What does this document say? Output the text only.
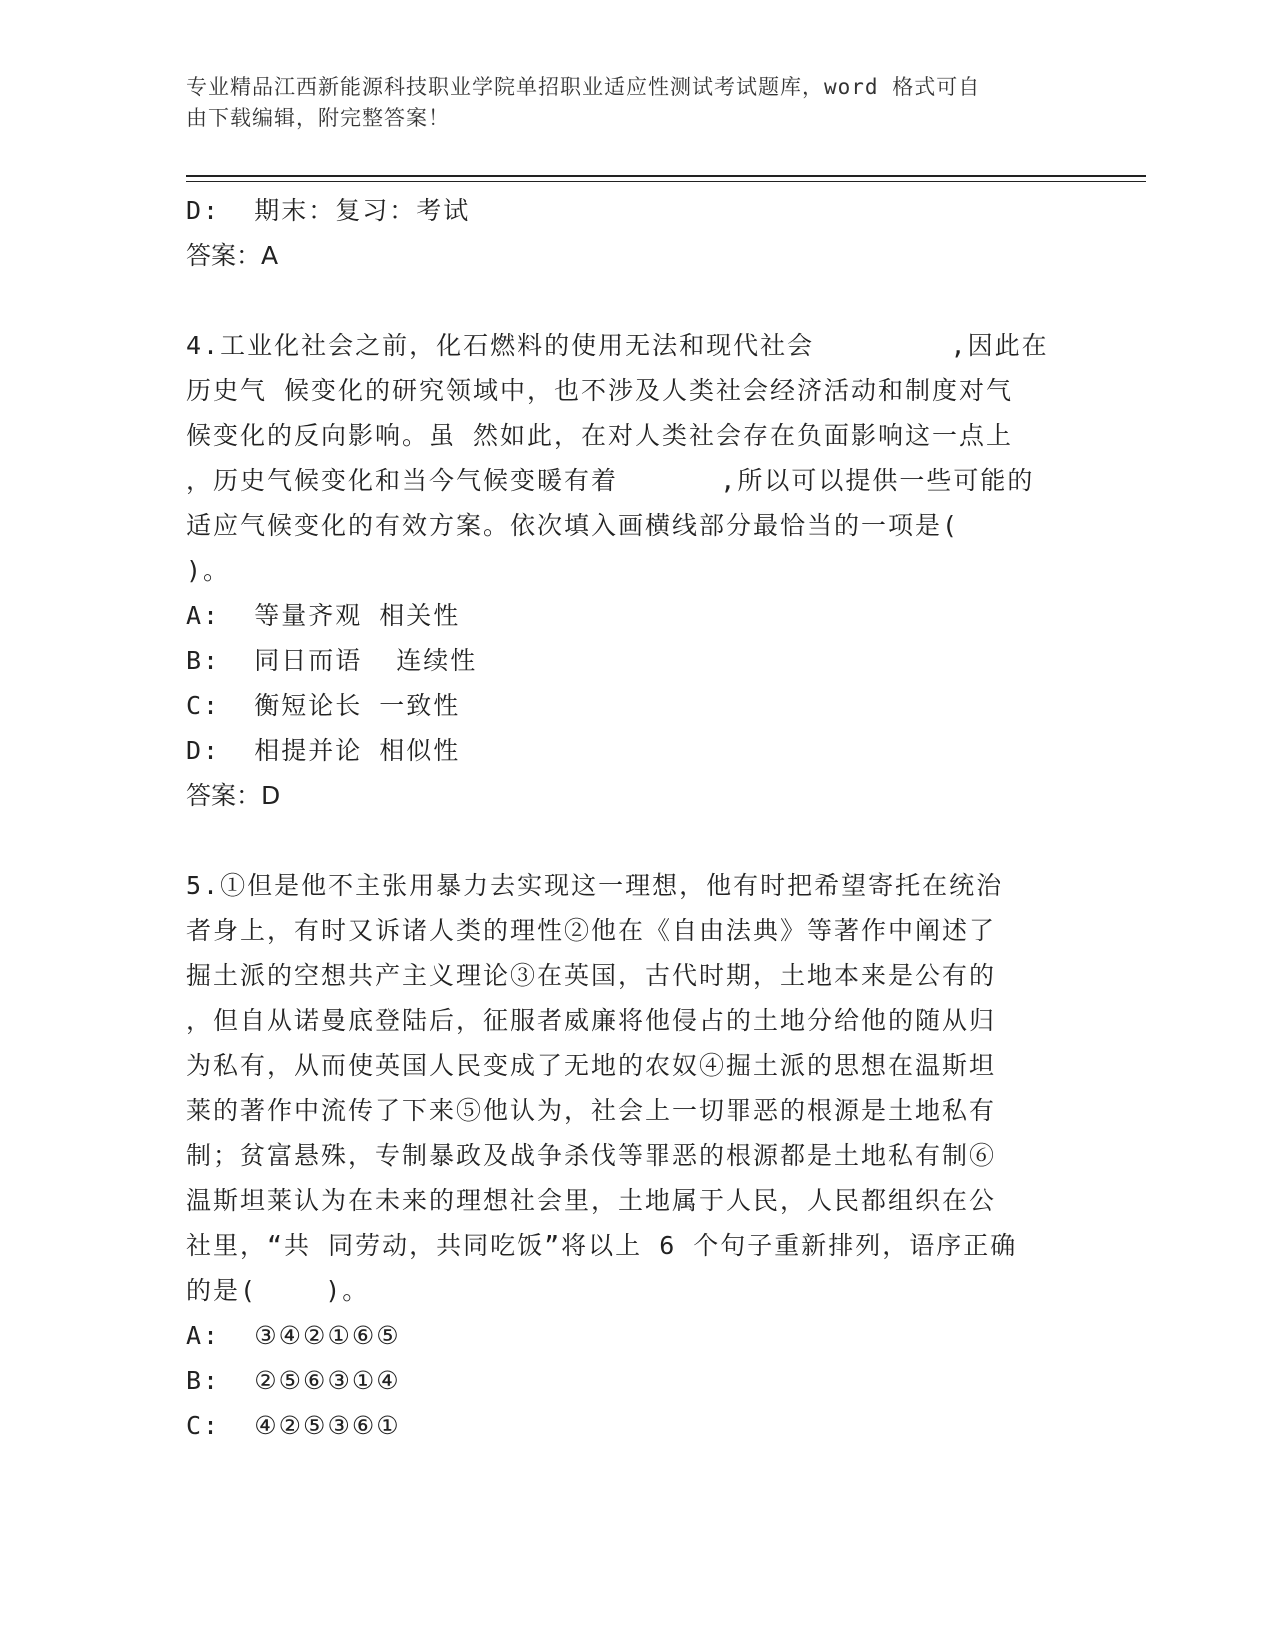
专业精品江西新能源科技职业学院单招职业适应性测试考试题库，word 格式可自
由下载编辑，附完整答案！
D:  期末：复习：考试
答案：A
4.工业化社会之前，化石燃料的使用无法和现代社会        ,因此在
历史气 候变化的研究领域中，也不涉及人类社会经济活动和制度对气
候变化的反向影响。虽 然如此，在对人类社会存在负面影响这一点上
，历史气候变化和当今气候变暖有着      ,所以可以提供一些可能的
适应气候变化的有效方案。依次填入画横线部分最恰当的一项是(
)。
A:  等量齐观 相关性
B:  同日而语  连续性
C:  衡短论长 一致性
D:  相提并论 相似性
答案：D
5.①但是他不主张用暴力去实现这一理想，他有时把希望寄托在统治
者身上，有时又诉诸人类的理性②他在《自由法典》等著作中阐述了
掘土派的空想共产主义理论③在英国，古代时期，土地本来是公有的
，但自从诺曼底登陆后，征服者威廉将他侵占的土地分给他的随从归
为私有，从而使英国人民变成了无地的农奴④掘土派的思想在温斯坦
莱的著作中流传了下来⑤他认为，社会上一切罪恶的根源是土地私有
制；贫富悬殊，专制暴政及战争杀伐等罪恶的根源都是土地私有制⑥
温斯坦莱认为在未来的理想社会里，土地属于人民，人民都组织在公
社里，“共 同劳动，共同吃饭”将以上 6 个句子重新排列，语序正确
的是(    )。
A:  ③④②①⑥⑤
B:  ②⑤⑥③①④
C:  ④②⑤③⑥①
